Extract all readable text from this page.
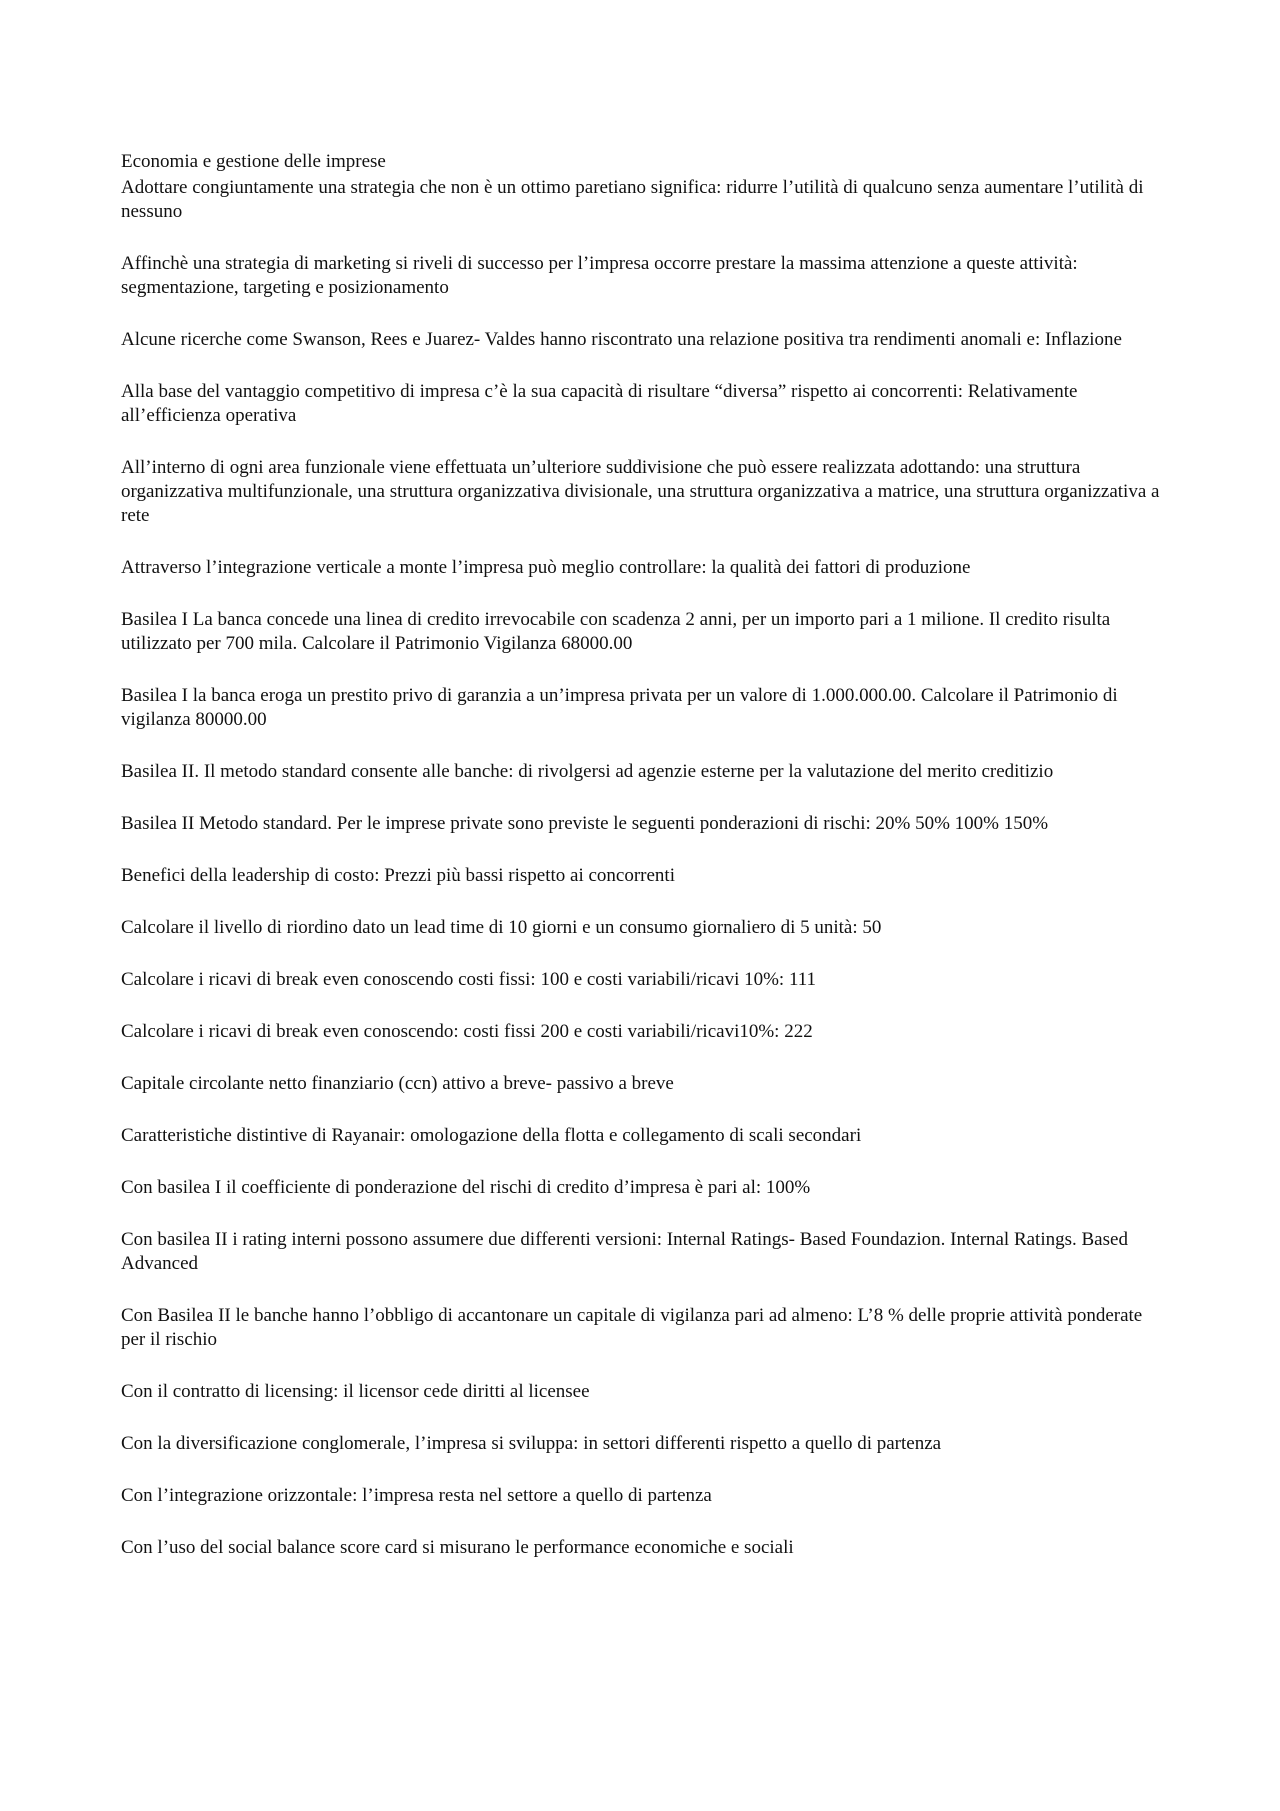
Economia e gestione delle imprese
Adottare congiuntamente una strategia che non è un ottimo paretiano significa: ridurre l’utilità di qualcuno senza aumentare l’utilità di nessuno
Affinchè una strategia di marketing si riveli di successo per l’impresa occorre prestare la massima attenzione a queste attività: segmentazione, targeting e posizionamento
Alcune ricerche come Swanson, Rees e Juarez- Valdes hanno riscontrato una relazione positiva tra rendimenti anomali e: Inflazione
Alla base del vantaggio competitivo di impresa c’è la sua capacità di risultare “diversa” rispetto ai concorrenti: Relativamente all’efficienza operativa
All’interno di ogni area funzionale viene effettuata un’ulteriore suddivisione che può essere realizzata adottando: una struttura organizzativa multifunzionale, una struttura organizzativa divisionale, una struttura organizzativa a matrice, una struttura organizzativa a rete
Attraverso l’integrazione verticale a monte l’impresa può meglio controllare: la qualità dei fattori di produzione
Basilea I La banca concede una linea di credito irrevocabile con scadenza 2 anni, per un importo pari a 1 milione. Il credito risulta utilizzato per 700 mila. Calcolare il Patrimonio Vigilanza 68000.00
Basilea I la banca eroga un prestito privo di garanzia a un’impresa privata per un valore di 1.000.000.00. Calcolare il Patrimonio di vigilanza 80000.00
Basilea II. Il metodo standard consente alle banche: di rivolgersi ad agenzie esterne per la valutazione del merito creditizio
Basilea II Metodo standard. Per le imprese private sono previste le seguenti ponderazioni di rischi: 20% 50% 100% 150%
Benefici della leadership di costo: Prezzi più bassi rispetto ai concorrenti
Calcolare il livello di riordino dato un lead time di 10 giorni e un consumo giornaliero di 5 unità: 50
Calcolare i ricavi di break even conoscendo costi fissi: 100 e costi variabili/ricavi 10%: 111
Calcolare i ricavi di break even conoscendo: costi fissi 200 e costi variabili/ricavi10%: 222
Capitale circolante netto finanziario (ccn) attivo a breve- passivo a breve
Caratteristiche distintive di Rayanair: omologazione della flotta e collegamento di scali secondari
Con basilea I il coefficiente di ponderazione del rischi di credito d’impresa è pari al: 100%
Con basilea II i rating interni possono assumere due differenti versioni: Internal Ratings- Based Foundazion. Internal Ratings. Based Advanced
Con Basilea II le banche hanno l’obbligo di accantonare un capitale di vigilanza pari ad almeno: L’8 % delle proprie attività ponderate per il rischio
Con il contratto di licensing: il licensor cede diritti al licensee
Con la diversificazione conglomerale, l’impresa si sviluppa: in settori differenti rispetto a quello di partenza
Con l’integrazione orizzontale: l’impresa resta nel settore a quello di partenza
Con l’uso del social balance score card si misurano le performance economiche e sociali
